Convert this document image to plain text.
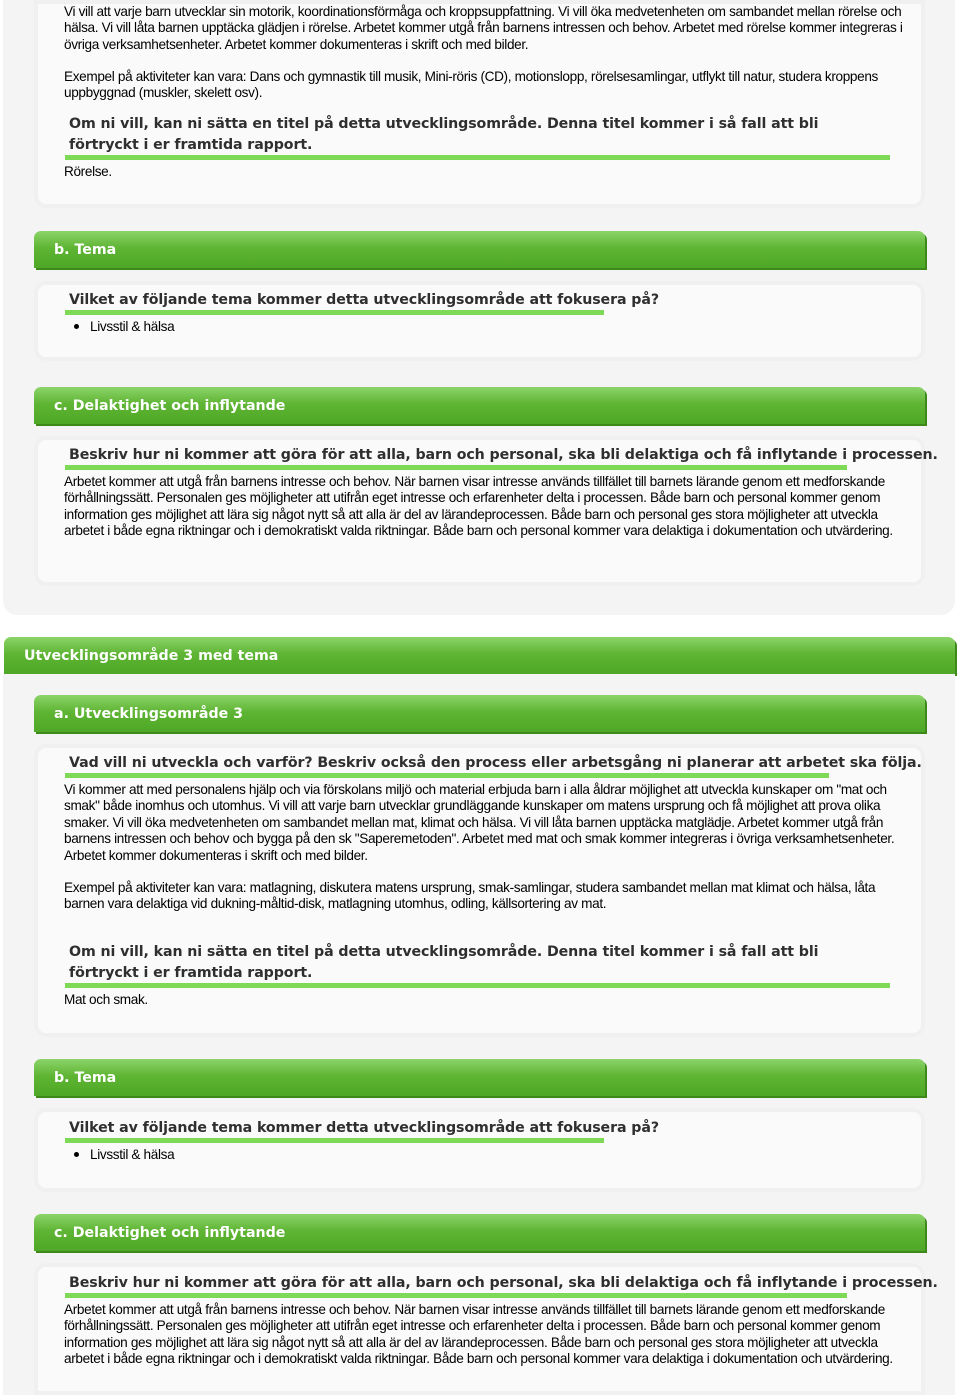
Vi vill att varje barn utvecklar sin motorik, koordinationsförmåga och kroppsuppfattning. Vi vill öka medvetenheten om sambandet mellan rörelse och hälsa. Vi vill låta barnen upptäcka glädjen i rörelse. Arbetet kommer utgå från barnens intressen och behov. Arbetet med rörelse kommer integreras i övriga verksamhetsenheter. Arbetet kommer dokumenteras i skrift och med bilder.

Exempel på aktiviteter kan vara: Dans och gymnastik till musik, Mini-röris (CD), motionslopp, rörelsesamlingar, utflykt till natur, studera kroppens uppbyggnad (muskler, skelett osv).

Om ni vill, kan ni sätta en titel på detta utvecklingsområde. Denna titel kommer i så fall att bli förtryckt i er framtida rapport.

Rörelse.

b. Tema

Vilket av följande tema kommer detta utvecklingsområde att fokusera på?

Livsstil & hälsa
c. Delaktighet och inflytande

Beskriv hur ni kommer att göra för att alla, barn och personal, ska bli delaktiga och få inflytande i processen.

Arbetet kommer att utgå från barnens intresse och behov. När barnen visar intresse används tillfället till barnets lärande genom ett medforskande förhållningssätt. Personalen ges möjligheter att utifrån eget intresse och erfarenheter delta i processen. Både barn och personal kommer genom information ges möjlighet att lära sig något nytt så att alla är del av lärandeprocessen. Både barn och personal ges stora möjligheter att utveckla arbetet i både egna riktningar och i demokratiskt valda riktningar. Både barn och personal kommer vara delaktiga i dokumentation och utvärdering.

Utvecklingsområde 3 med tema
a. Utvecklingsområde 3

Vad vill ni utveckla och varför? Beskriv också den process eller arbetsgång ni planerar att arbetet ska följa.

Vi kommer att med personalens hjälp och via förskolans miljö och material erbjuda barn i alla åldrar möjlighet att utveckla kunskaper om "mat och smak" både inomhus och utomhus. Vi vill att varje barn utvecklar grundläggande kunskaper om matens ursprung och få möjlighet att prova olika smaker. Vi vill öka medvetenheten om sambandet mellan mat, klimat och hälsa. Vi vill låta barnen upptäcka matglädje. Arbetet kommer utgå från barnens intressen och behov och bygga på den sk "Saperemetoden". Arbetet med mat och smak kommer integreras i övriga verksamhetsenheter. Arbetet kommer dokumenteras i skrift och med bilder.

Exempel på aktiviteter kan vara: matlagning, diskutera matens ursprung, smak-samlingar, studera sambandet mellan mat klimat och hälsa, låta barnen vara delaktiga vid dukning-måltid-disk, matlagning utomhus, odling, källsortering av mat.

Om ni vill, kan ni sätta en titel på detta utvecklingsområde. Denna titel kommer i så fall att bli förtryckt i er framtida rapport.

Mat och smak.

b. Tema

Vilket av följande tema kommer detta utvecklingsområde att fokusera på?

Livsstil & hälsa
c. Delaktighet och inflytande

Beskriv hur ni kommer att göra för att alla, barn och personal, ska bli delaktiga och få inflytande i processen.

Arbetet kommer att utgå från barnens intresse och behov. När barnen visar intresse används tillfället till barnets lärande genom ett medforskande förhållningssätt. Personalen ges möjligheter att utifrån eget intresse och erfarenheter delta i processen. Både barn och personal kommer genom information ges möjlighet att lära sig något nytt så att alla är del av lärandeprocessen. Både barn och personal ges stora möjligheter att utveckla arbetet i både egna riktningar och i demokratiskt valda riktningar. Både barn och personal kommer vara delaktiga i dokumentation och utvärdering.
